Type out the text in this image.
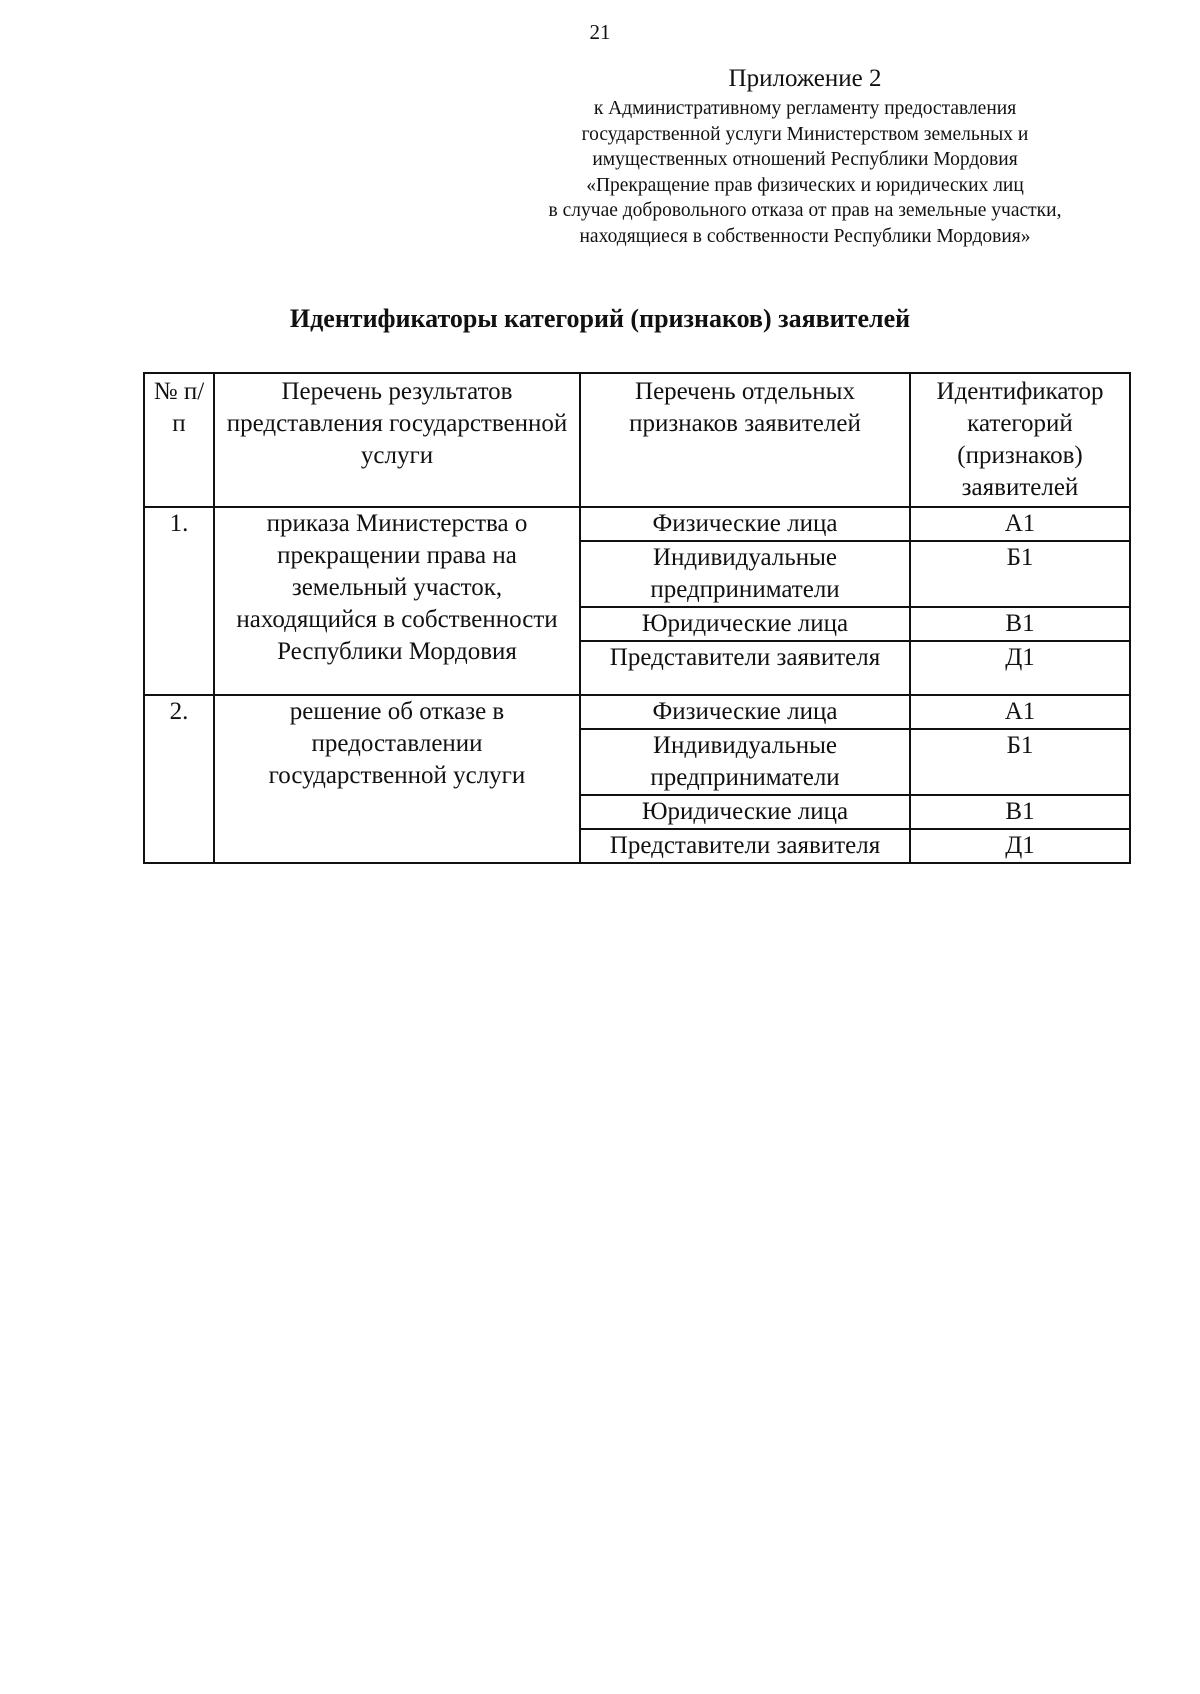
21
Приложение 2
к Административному регламенту предоставления
государственной услуги Министерством земельных и
имущественных отношений Республики Мордовия
«Прекращение прав физических и юридических лиц
в случае добровольного отказа от прав на земельные участки,
находящиеся в собственности Республики Мордовия»
Идентификаторы категорий (признаков) заявителей
№ п/п	Перечень результатов представления государственной услуги	Перечень отдельных признаков заявителей	Идентификатор категорий (признаков) заявителей
1.	приказа Министерства о прекращении права на земельный участок, находящийся в собственности Республики Мордовия	Физические лица	А1
		Индивидуальные предприниматели	Б1
		Юридические лица	В1
		Представители заявителя	Д1
2.	решение об отказе в предоставлении государственной услуги	Физические лица	А1
		Индивидуальные предприниматели	Б1
		Юридические лица	В1
		Представители заявителя	Д1
